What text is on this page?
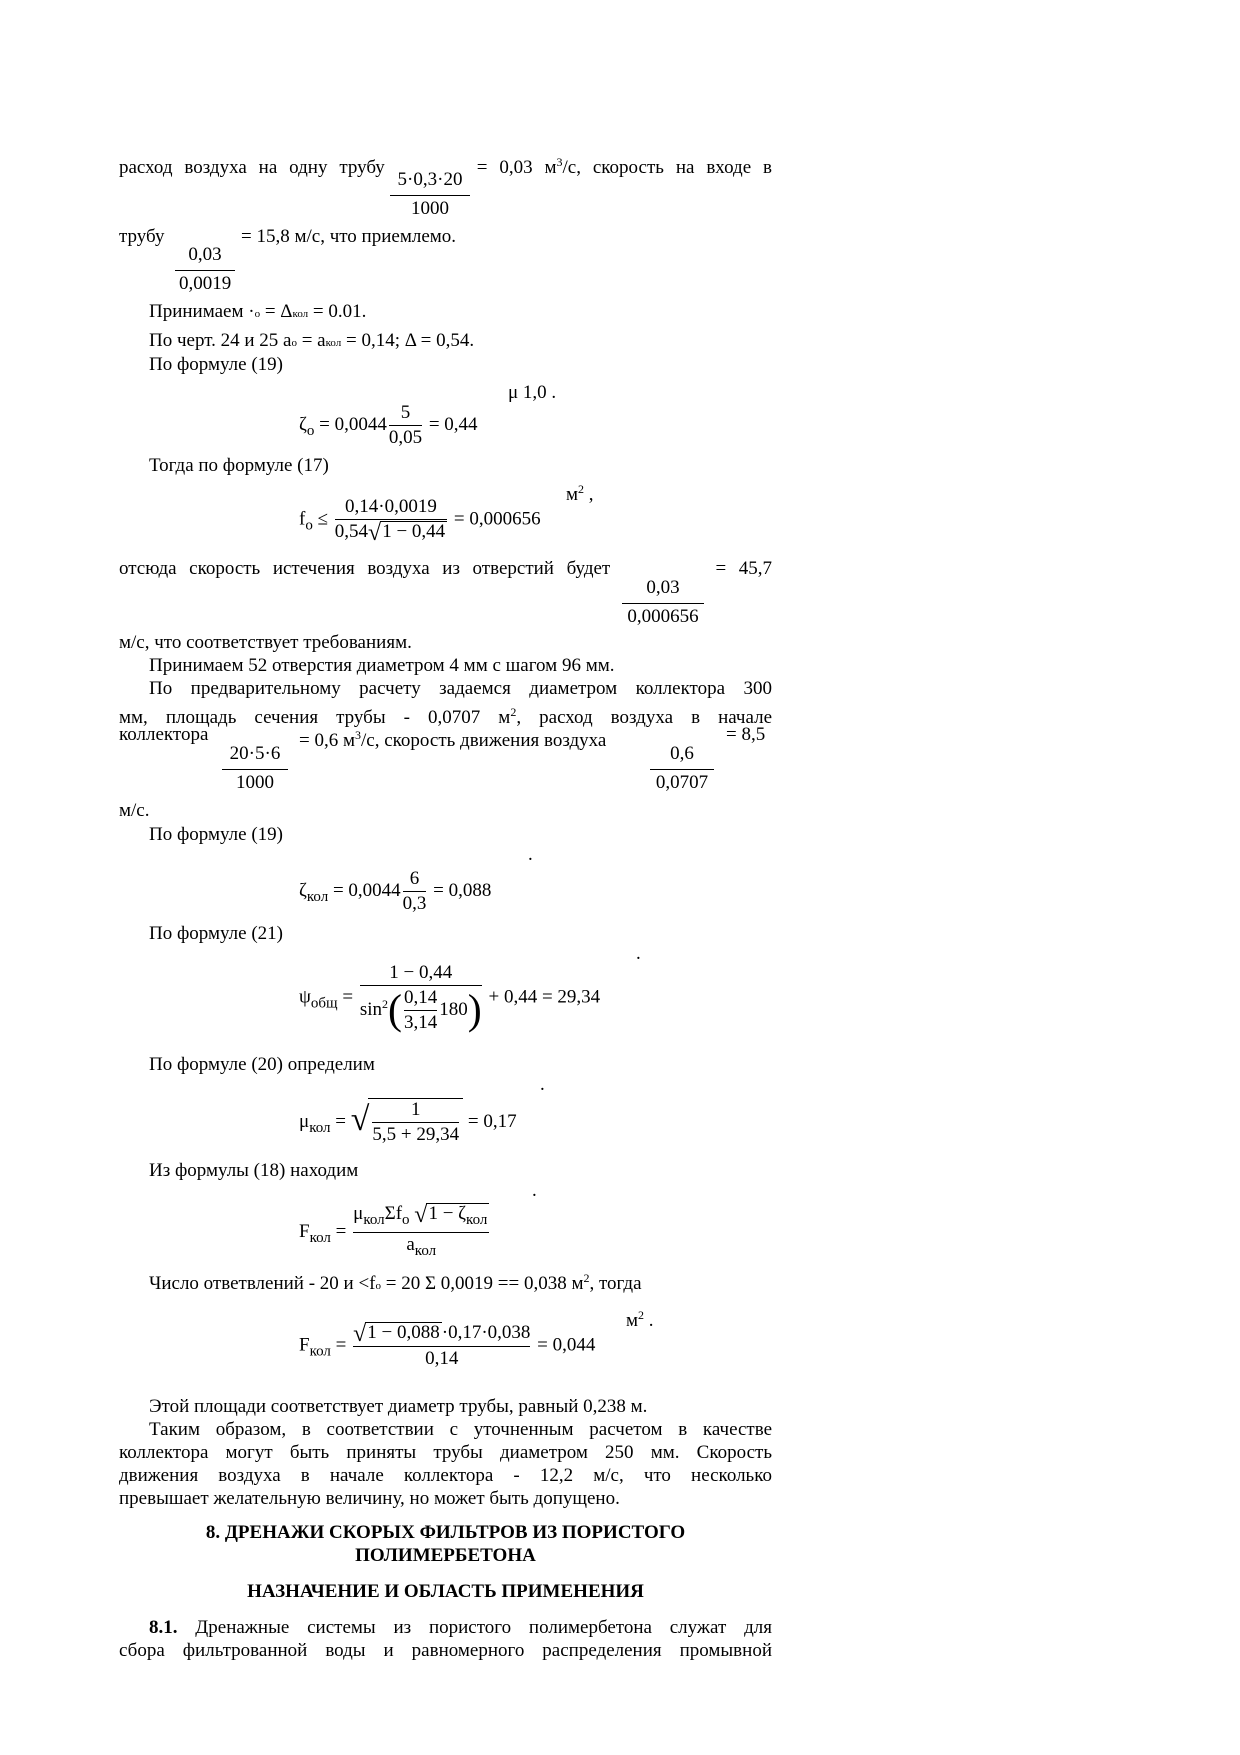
расход воздуха на одну трубу	= 0,03 $м^3/с$, скорость на входе в
5·0,3·20
1000
трубу	= 15,8 м/с, что приемлемо.
0,03
0,0019
Принимаем ·о = Δкол = 0.01.
По черт. 24 и 25 ао = акол = 0,14; Δ = 0,54.
По формуле (19)
μ 1,0 .
$\zeta_о = 0,0044 \frac{5}{0,05} = 0,44$
Тогда по формуле (17)
$м^2$ ,
$f_о \le \frac{0,14\cdot 0,0019}{0,54√1 - 0,44} = 0,000656$
отсюда скорость истечения воздуха из отверстий будет	= 45,7
0,03
0,000656
м/с, что соответствует требованиям.
Принимаем 52 отверстия диаметром 4 мм с шагом 96 мм.
По предварительному расчету задаемся диаметром коллектора 300
мм, площадь сечения трубы - 0,0707 $м^2$, расход воздуха в начале
коллектора	= 0,6 $м^3/с$, скорость движения воздуха	= 8,5
20·5·6
1000
0,6
0,0707
м/с.
По формуле (19)
.
$\zeta_{кол} = 0,0044 \frac{6}{0,3} = 0,088$
По формуле (21)
.
$\psi_{общ} = \frac{1 - 0,44}{\sin^2( \frac{0,14}{3,14} 180)} + 0,44 = 29,34$
По формуле (20) определим
.
$\mu_{кол}$ = √ $\frac{1}{5,5 + 29,34} = 0,17$
Из формулы (18) находим
.
$F_{кол}$ =
$\mu_{кол}\Sigma f_о$ $√1 - \zeta_{кол}$
$а_{кол}$
Число ответвлений - 20 и <fо = 20 Σ 0,0019 == 0,038 $м^2$, тогда
$м^2$ .
$F_{кол} = \frac{√1 - 0,088 \cdot 0,17\cdot 0,038}{0,14} = 0,044$
Этой площади соответствует диаметр трубы, равный 0,238 м.
Таким образом, в соответствии с уточненным расчетом в качестве
коллектора могут быть приняты трубы диаметром 250 мм. Скорость
движения воздуха в начале коллектора - 12,2 м/с, что несколько
превышает желательную величину, но может быть допущено.
8. ДРЕНАЖИ СКОРЫХ ФИЛЬТРОВ ИЗ ПОРИСТОГО
ПОЛИМЕРБЕТОНА
НАЗНАЧЕНИЕ И ОБЛАСТЬ ПРИМЕНЕНИЯ
8.1. Дренажные системы из пористого полимербетона служат для
сбора фильтрованной воды и равномерного распределения промывной
